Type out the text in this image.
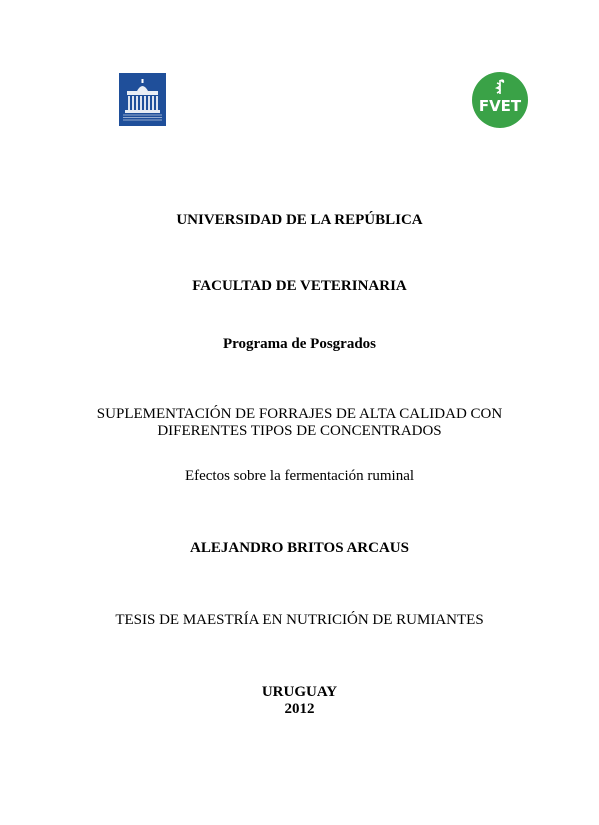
FVET
UNIVERSIDAD DE LA REPÚBLICA
FACULTAD DE VETERINARIA
Programa de Posgrados
SUPLEMENTACIÓN DE FORRAJES DE ALTA CALIDAD CON
DIFERENTES TIPOS DE CONCENTRADOS
Efectos sobre la fermentación ruminal
ALEJANDRO BRITOS ARCAUS
TESIS DE MAESTRÍA EN NUTRICIÓN DE RUMIANTES
URUGUAY
2012
